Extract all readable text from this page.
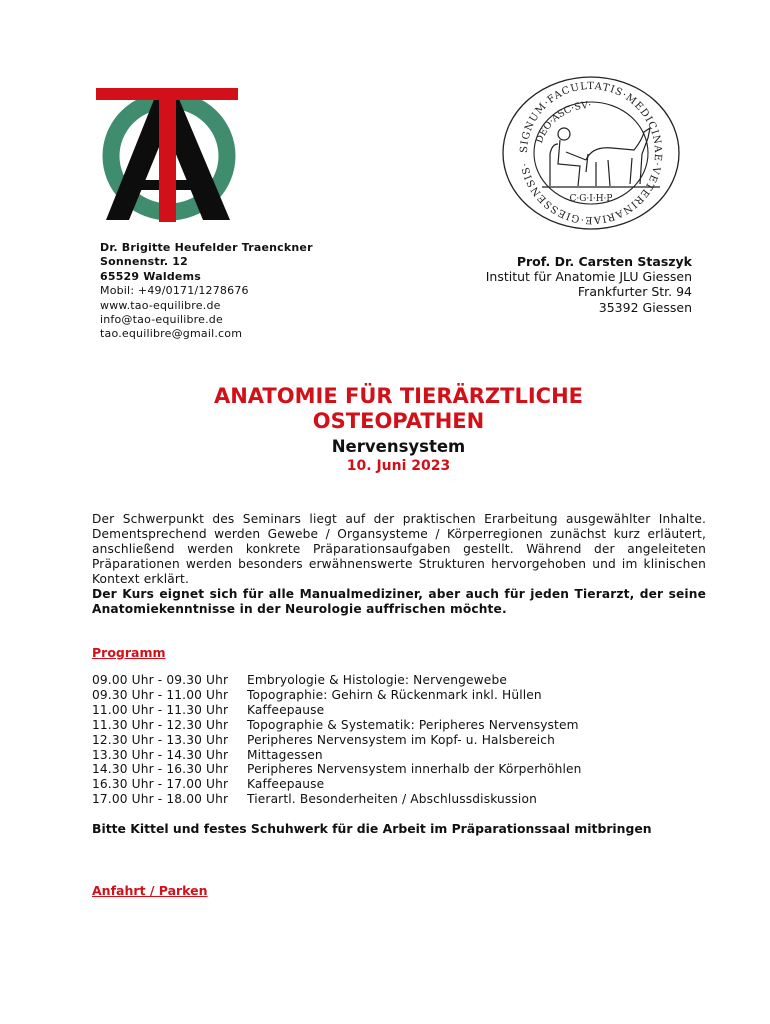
SIGNUM·FACULTATIS·MEDICINAE·VETERINARIAE·GIESSENSIS·
DEO·ASC·SV·
C·G·I·H·P
Dr. Brigitte Heufelder Traenckner
Sonnenstr. 12
65529 Waldems
Mobil: +49/0171/1278676
www.tao-equilibre.de
info@tao-equilibre.de
tao.equilibre@gmail.com
Prof. Dr. Carsten Staszyk
Institut für Anatomie JLU Giessen
Frankfurter Str. 94
35392 Giessen
ANATOMIE FÜR TIERÄRZTLICHE
OSTEOPATHEN
Nervensystem
10. Juni 2023

Der Schwerpunkt des Seminars liegt auf der praktischen Erarbeitung ausgewählter Inhalte. Dementsprechend werden Gewebe / Organsysteme / Körperregionen zunächst kurz erläutert, anschließend werden konkrete Präparationsaufgaben gestellt. Während der angeleiteten Präparationen werden besonders erwähnenswerte Strukturen hervorgehoben und im klinischen Kontext erklärt.

Der Kurs eignet sich für alle Manualmediziner, aber auch für jeden Tierarzt, der seine Anatomiekenntnisse in der Neurologie auffrischen möchte.

Programm
09.00 Uhr - 09.30 Uhr	Embryologie & Histologie: Nervengewebe
09.30 Uhr - 11.00 Uhr	Topographie: Gehirn & Rückenmark inkl. Hüllen
11.00 Uhr - 11.30 Uhr	Kaffeepause
11.30 Uhr - 12.30 Uhr	Topographie & Systematik: Peripheres Nervensystem
12.30 Uhr - 13.30 Uhr	Peripheres Nervensystem im Kopf- u. Halsbereich
13.30 Uhr - 14.30 Uhr	Mittagessen
14.30 Uhr - 16.30 Uhr	Peripheres Nervensystem innerhalb der Körperhöhlen
16.30 Uhr - 17.00 Uhr	Kaffeepause
17.00 Uhr - 18.00 Uhr	Tierartl. Besonderheiten / Abschlussdiskussion
Bitte Kittel und festes Schuhwerk für die Arbeit im Präparationssaal mitbringen
Anfahrt / Parken
